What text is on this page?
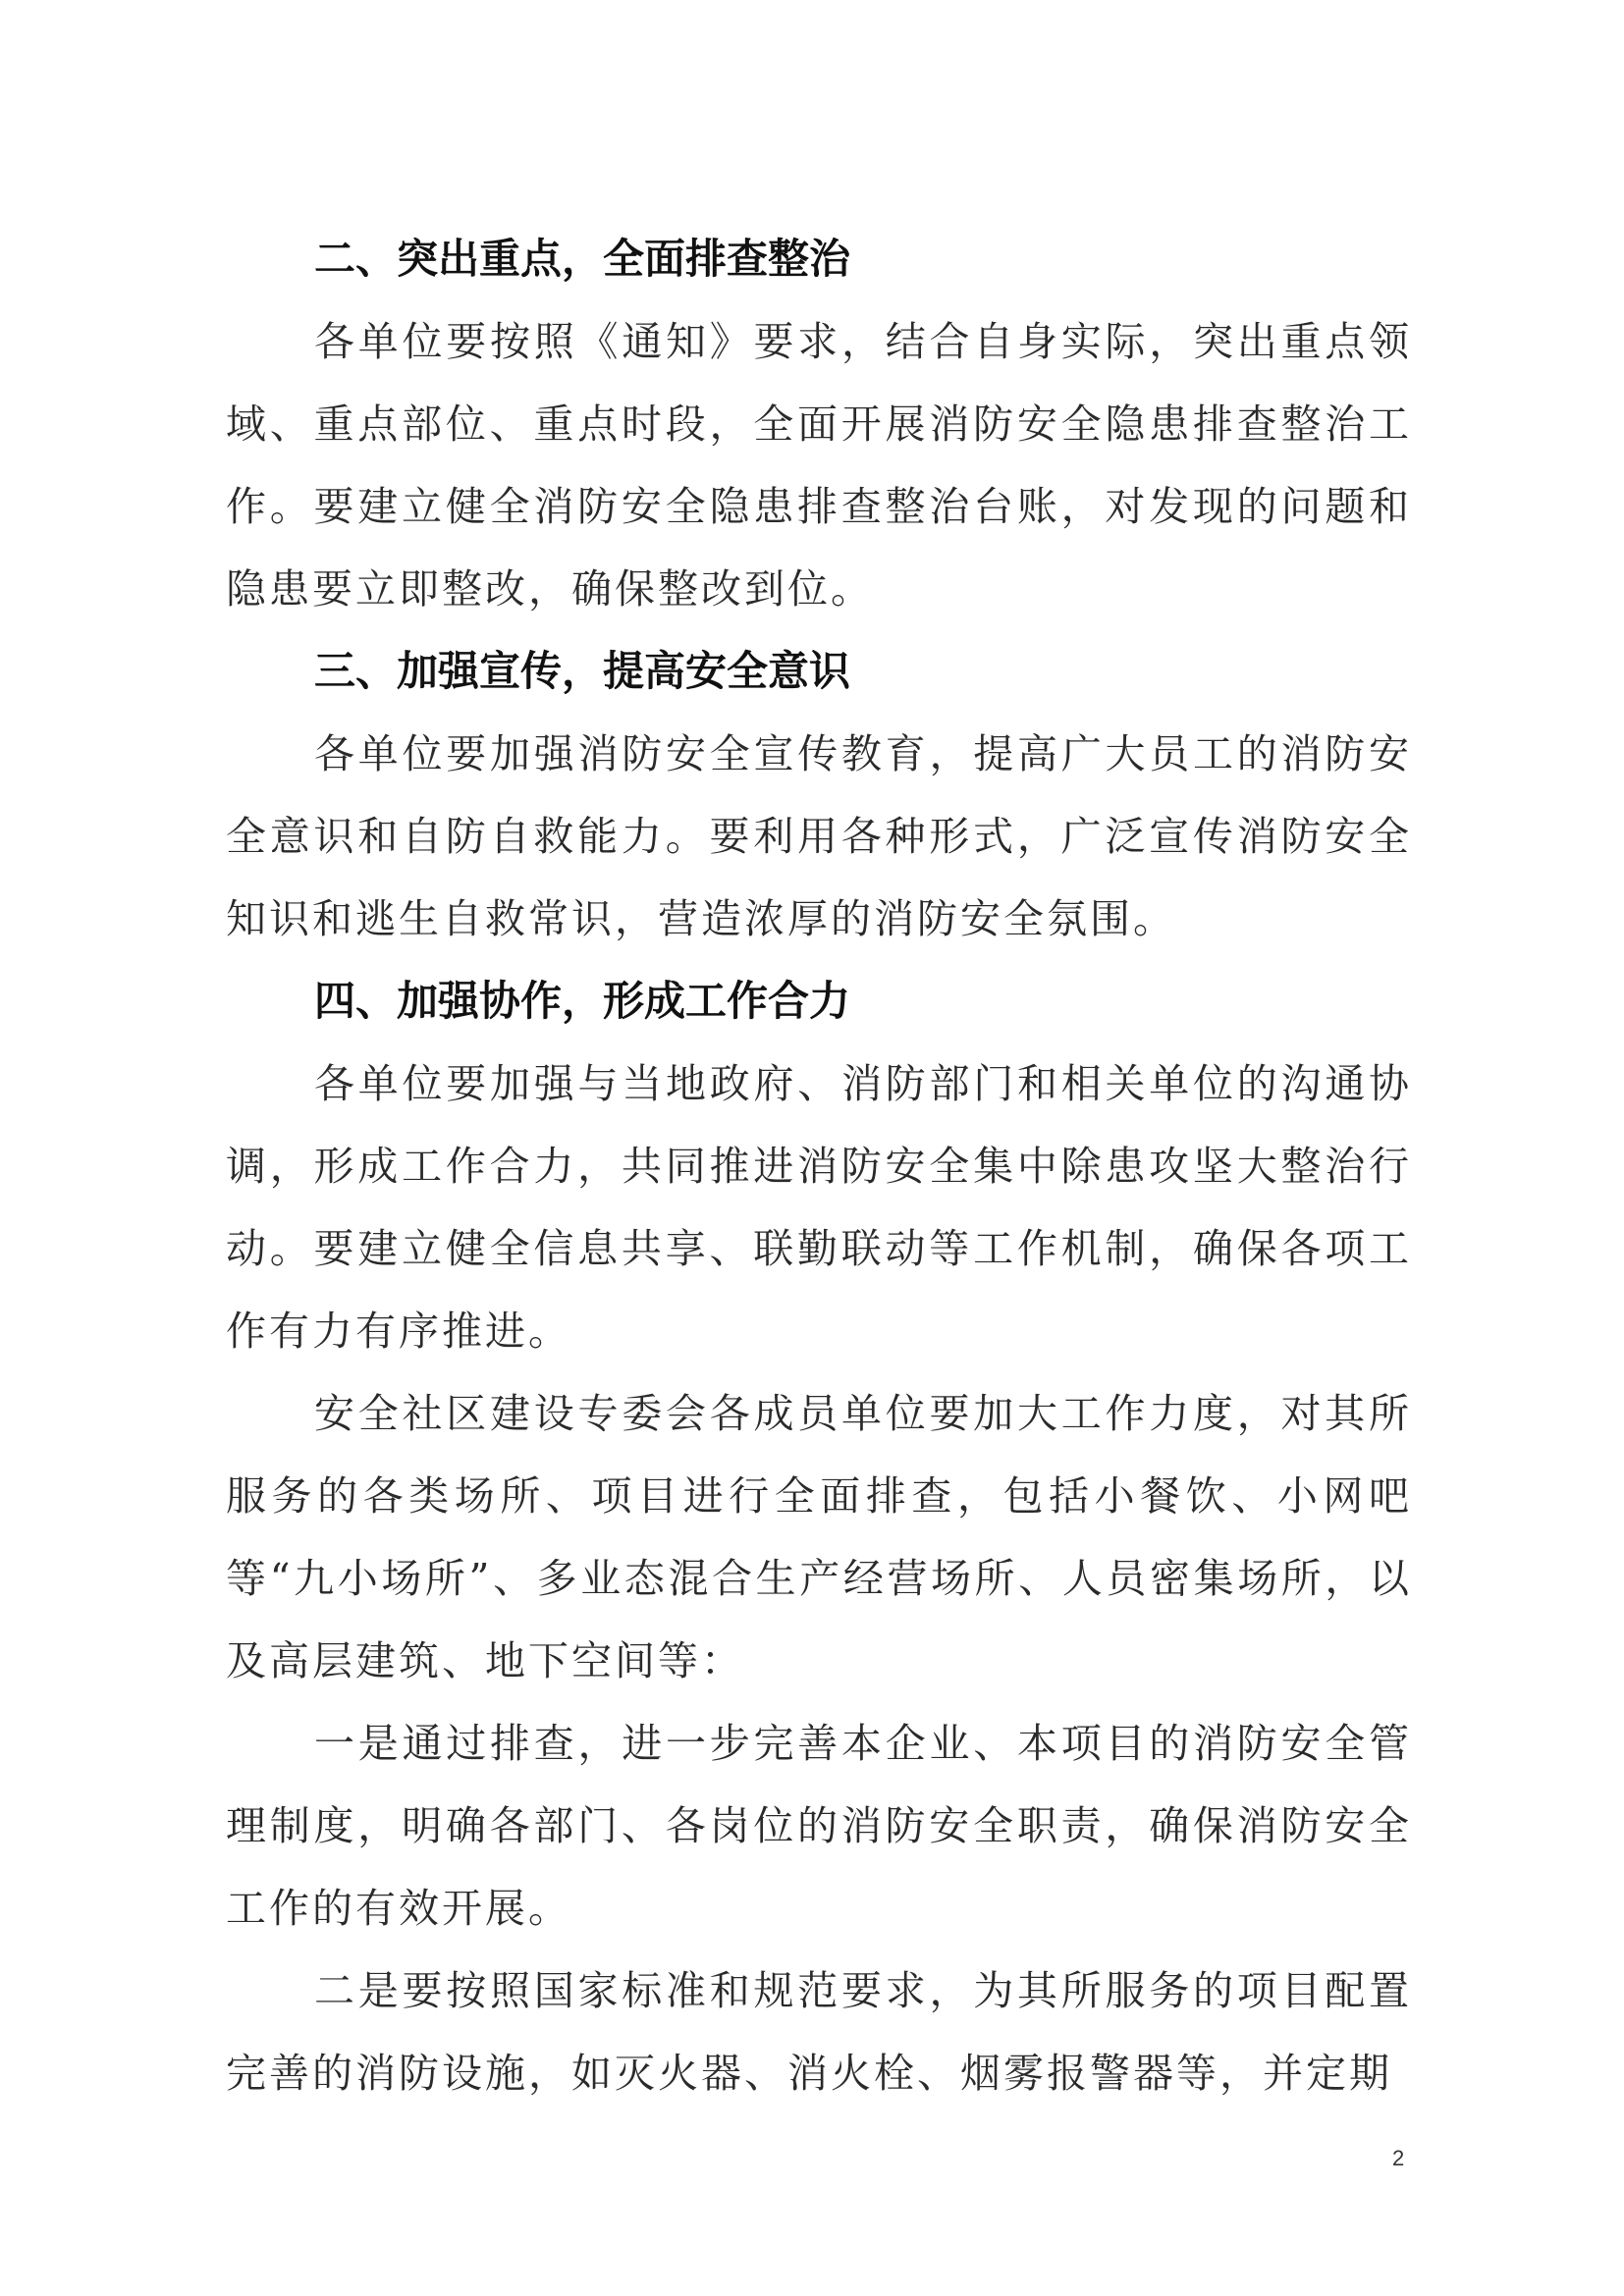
二、突出重点，全面排查整治

各单位要按照《通知》要求，结合自身实际，突出重点领域、重点部位、重点时段，全面开展消防安全隐患排查整治工作。要建立健全消防安全隐患排查整治台账，对发现的问题和隐患要立即整改，确保整改到位。

三、加强宣传，提高安全意识

各单位要加强消防安全宣传教育，提高广大员工的消防安全意识和自防自救能力。要利用各种形式，广泛宣传消防安全知识和逃生自救常识，营造浓厚的消防安全氛围。

四、加强协作，形成工作合力

各单位要加强与当地政府、消防部门和相关单位的沟通协调，形成工作合力，共同推进消防安全集中除患攻坚大整治行动。要建立健全信息共享、联勤联动等工作机制，确保各项工作有力有序推进。

安全社区建设专委会各成员单位要加大工作力度，对其所服务的各类场所、项目进行全面排查，包括小餐饮、小网吧等“九小场所”、多业态混合生产经营场所、人员密集场所，以及高层建筑、地下空间等：

一是通过排查，进一步完善本企业、本项目的消防安全管理制度，明确各部门、各岗位的消防安全职责，确保消防安全工作的有效开展。

二是要按照国家标准和规范要求，为其所服务的项目配置完善的消防设施，如灭火器、消火栓、烟雾报警器等，并定期

2
